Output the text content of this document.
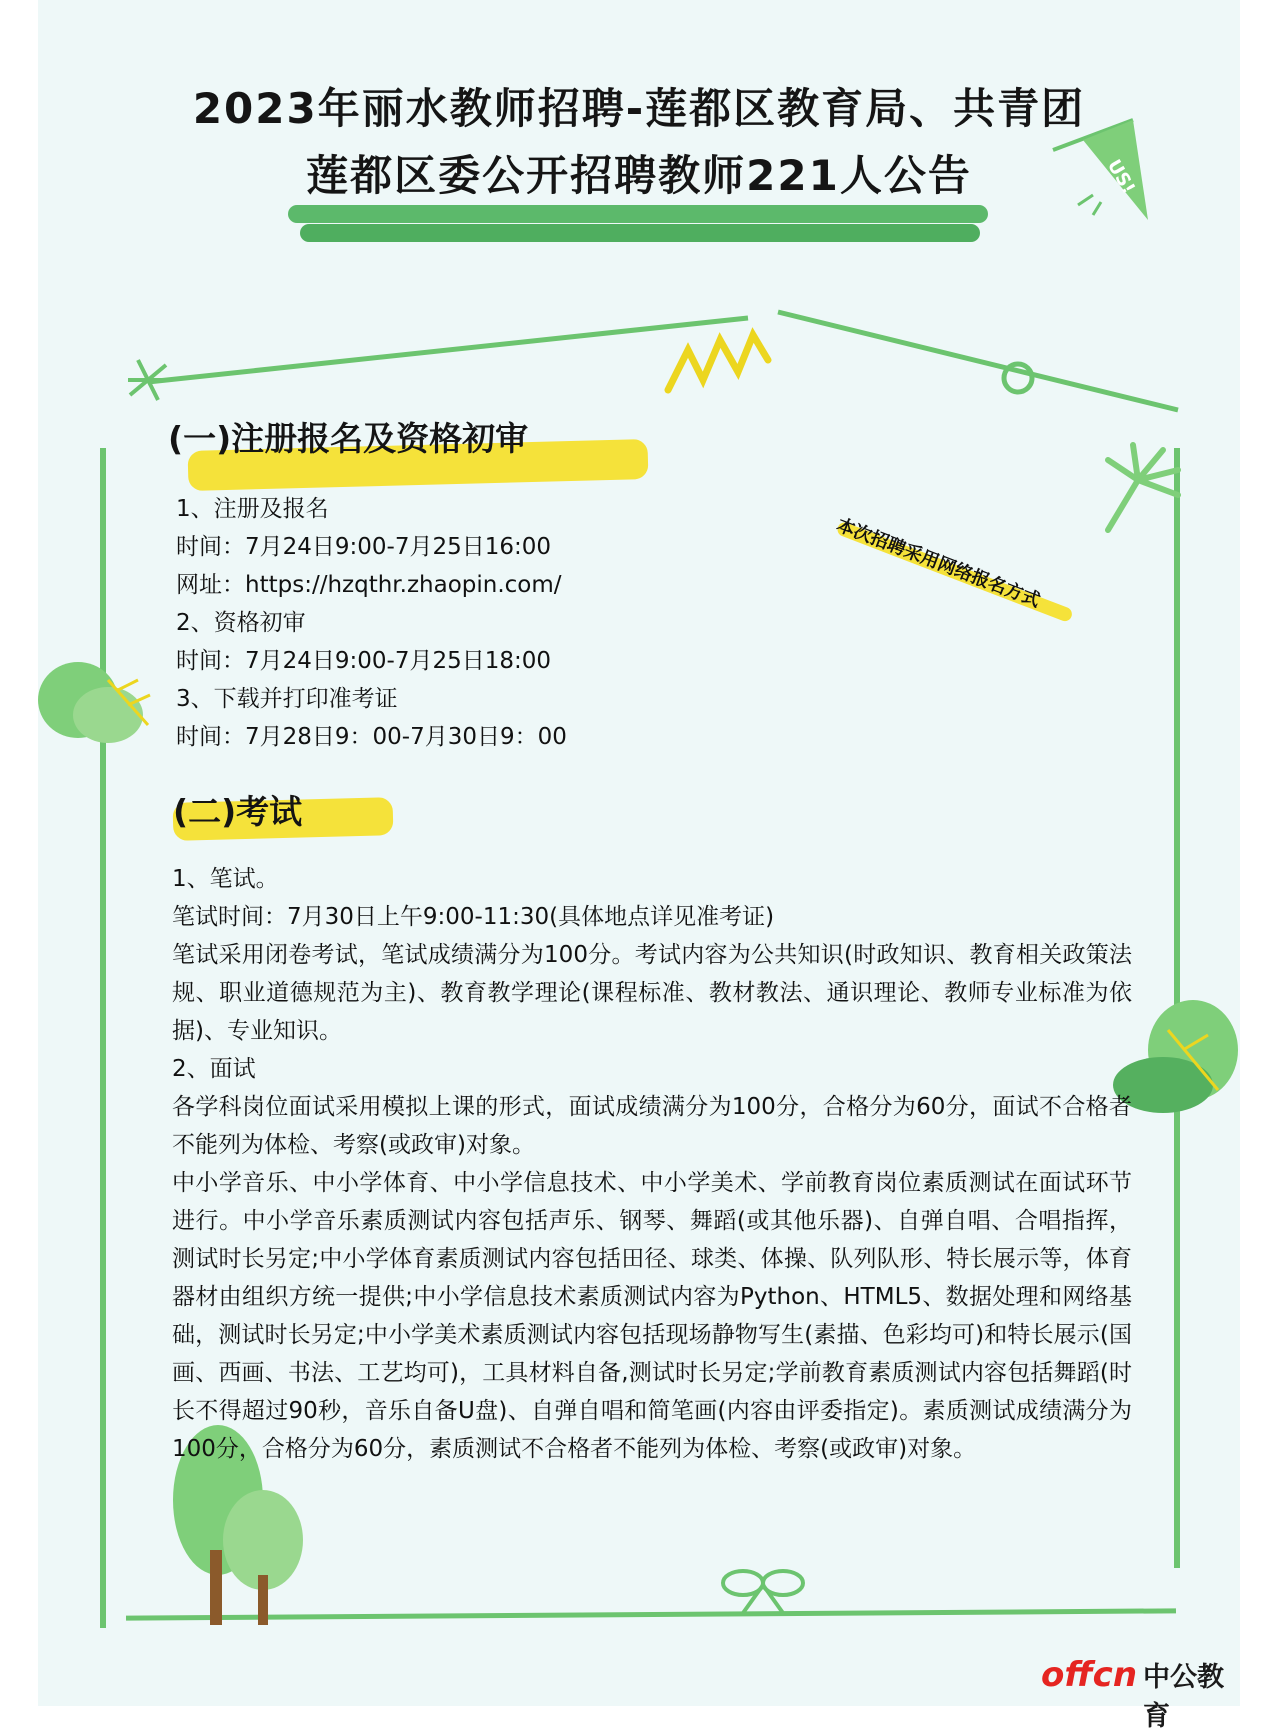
2023年丽水教师招聘-莲都区教育局、共青团
莲都区委公开招聘教师221人公告	US!
(一)注册报名及资格初审
1、注册及报名
时间：7月24日9:00-7月25日16:00
网址：https://hzqthr.zhaopin.com/
2、资格初审
时间：7月24日9:00-7月25日18:00
3、下载并打印准考证
时间：7月28日9：00-7月30日9：00
本次招聘采用网络报名方式
(二)考试
1、笔试。
笔试时间：7月30日上午9:00-11:30(具体地点详见准考证)
笔试采用闭卷考试，笔试成绩满分为100分。考试内容为公共知识(时政知识、教育相关政策法规、职业道德规范为主)、教育教学理论(课程标准、教材教法、通识理论、教师专业标准为依据)、专业知识。
2、面试
各学科岗位面试采用模拟上课的形式，面试成绩满分为100分，合格分为60分，面试不合格者不能列为体检、考察(或政审)对象。
中小学音乐、中小学体育、中小学信息技术、中小学美术、学前教育岗位素质测试在面试环节进行。中小学音乐素质测试内容包括声乐、钢琴、舞蹈(或其他乐器)、自弹自唱、合唱指挥，测试时长另定;中小学体育素质测试内容包括田径、球类、体操、队列队形、特长展示等，体育器材由组织方统一提供;中小学信息技术素质测试内容为Python、HTML5、数据处理和网络基础，测试时长另定;中小学美术素质测试内容包括现场静物写生(素描、色彩均可)和特长展示(国画、西画、书法、工艺均可)，工具材料自备,测试时长另定;学前教育素质测试内容包括舞蹈(时长不得超过90秒，音乐自备U盘)、自弹自唱和简笔画(内容由评委指定)。素质测试成绩满分为100分，合格分为60分，素质测试不合格者不能列为体检、考察(或政审)对象。
offcn 中公教育
